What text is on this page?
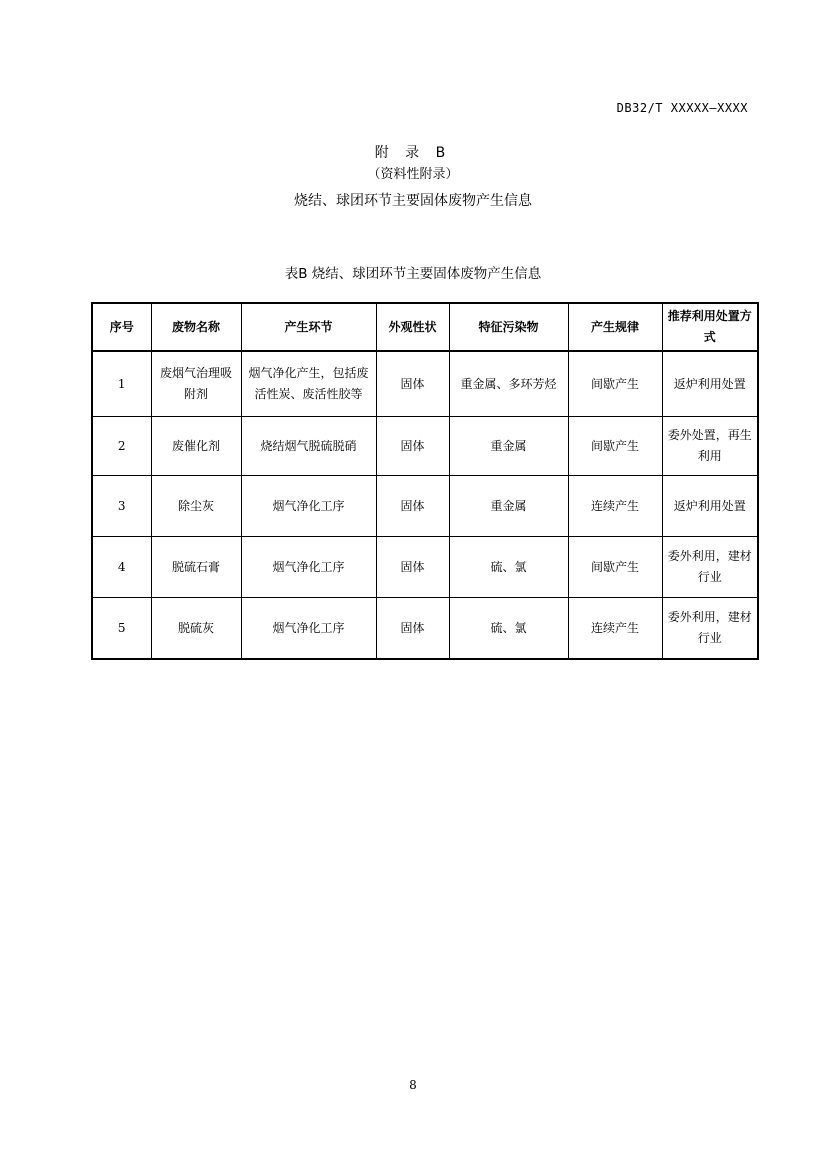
DB32/T XXXXX—XXXX
附 录 B
（资料性附录）
烧结、球团环节主要固体废物产生信息
表B 烧结、球团环节主要固体废物产生信息
序号	废物名称	产生环节	外观性状	特征污染物	产生规律	推荐利用处置方式
1	废烟气治理吸附剂	烟气净化产生，包括废活性炭、废活性胶等	固体	重金属、多环芳烃	间歇产生	返炉利用处置
2	废催化剂	烧结烟气脱硫脱硝	固体	重金属	间歇产生	委外处置，再生利用
3	除尘灰	烟气净化工序	固体	重金属	连续产生	返炉利用处置
4	脱硫石膏	烟气净化工序	固体	硫、氯	间歇产生	委外利用，建材行业
5	脱硫灰	烟气净化工序	固体	硫、氯	连续产生	委外利用，建材行业
8
